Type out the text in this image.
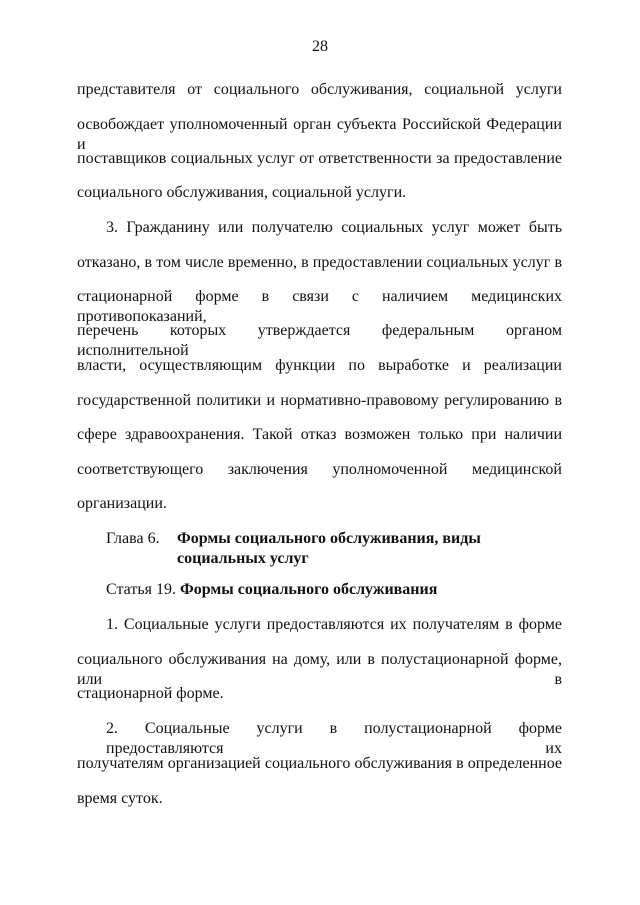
28
представителя от социального обслуживания, социальной услуги
освобождает уполномоченный орган субъекта Российской Федерации и
поставщиков социальных услуг от ответственности за предоставление
социального обслуживания, социальной услуги.
3. Гражданину или получателю социальных услуг может быть
отказано, в том числе временно, в предоставлении социальных услуг в
стационарной форме в связи с наличием медицинских противопоказаний,
перечень которых утверждается федеральным органом исполнительной
власти, осуществляющим функции по выработке и реализации
государственной политики и нормативно-правовому регулированию в
сфере здравоохранения. Такой отказ возможен только при наличии
соответствующего заключения уполномоченной медицинской
организации.
Глава 6. Формы социального обслуживания, виды
социальных услуг
Статья 19. Формы социального обслуживания
1. Социальные услуги предоставляются их получателям в форме
социального обслуживания на дому, или в полустационарной форме, или в
стационарной форме.
2. Социальные услуги в полустационарной форме предоставляются их
получателям организацией социального обслуживания в определенное
время суток.
